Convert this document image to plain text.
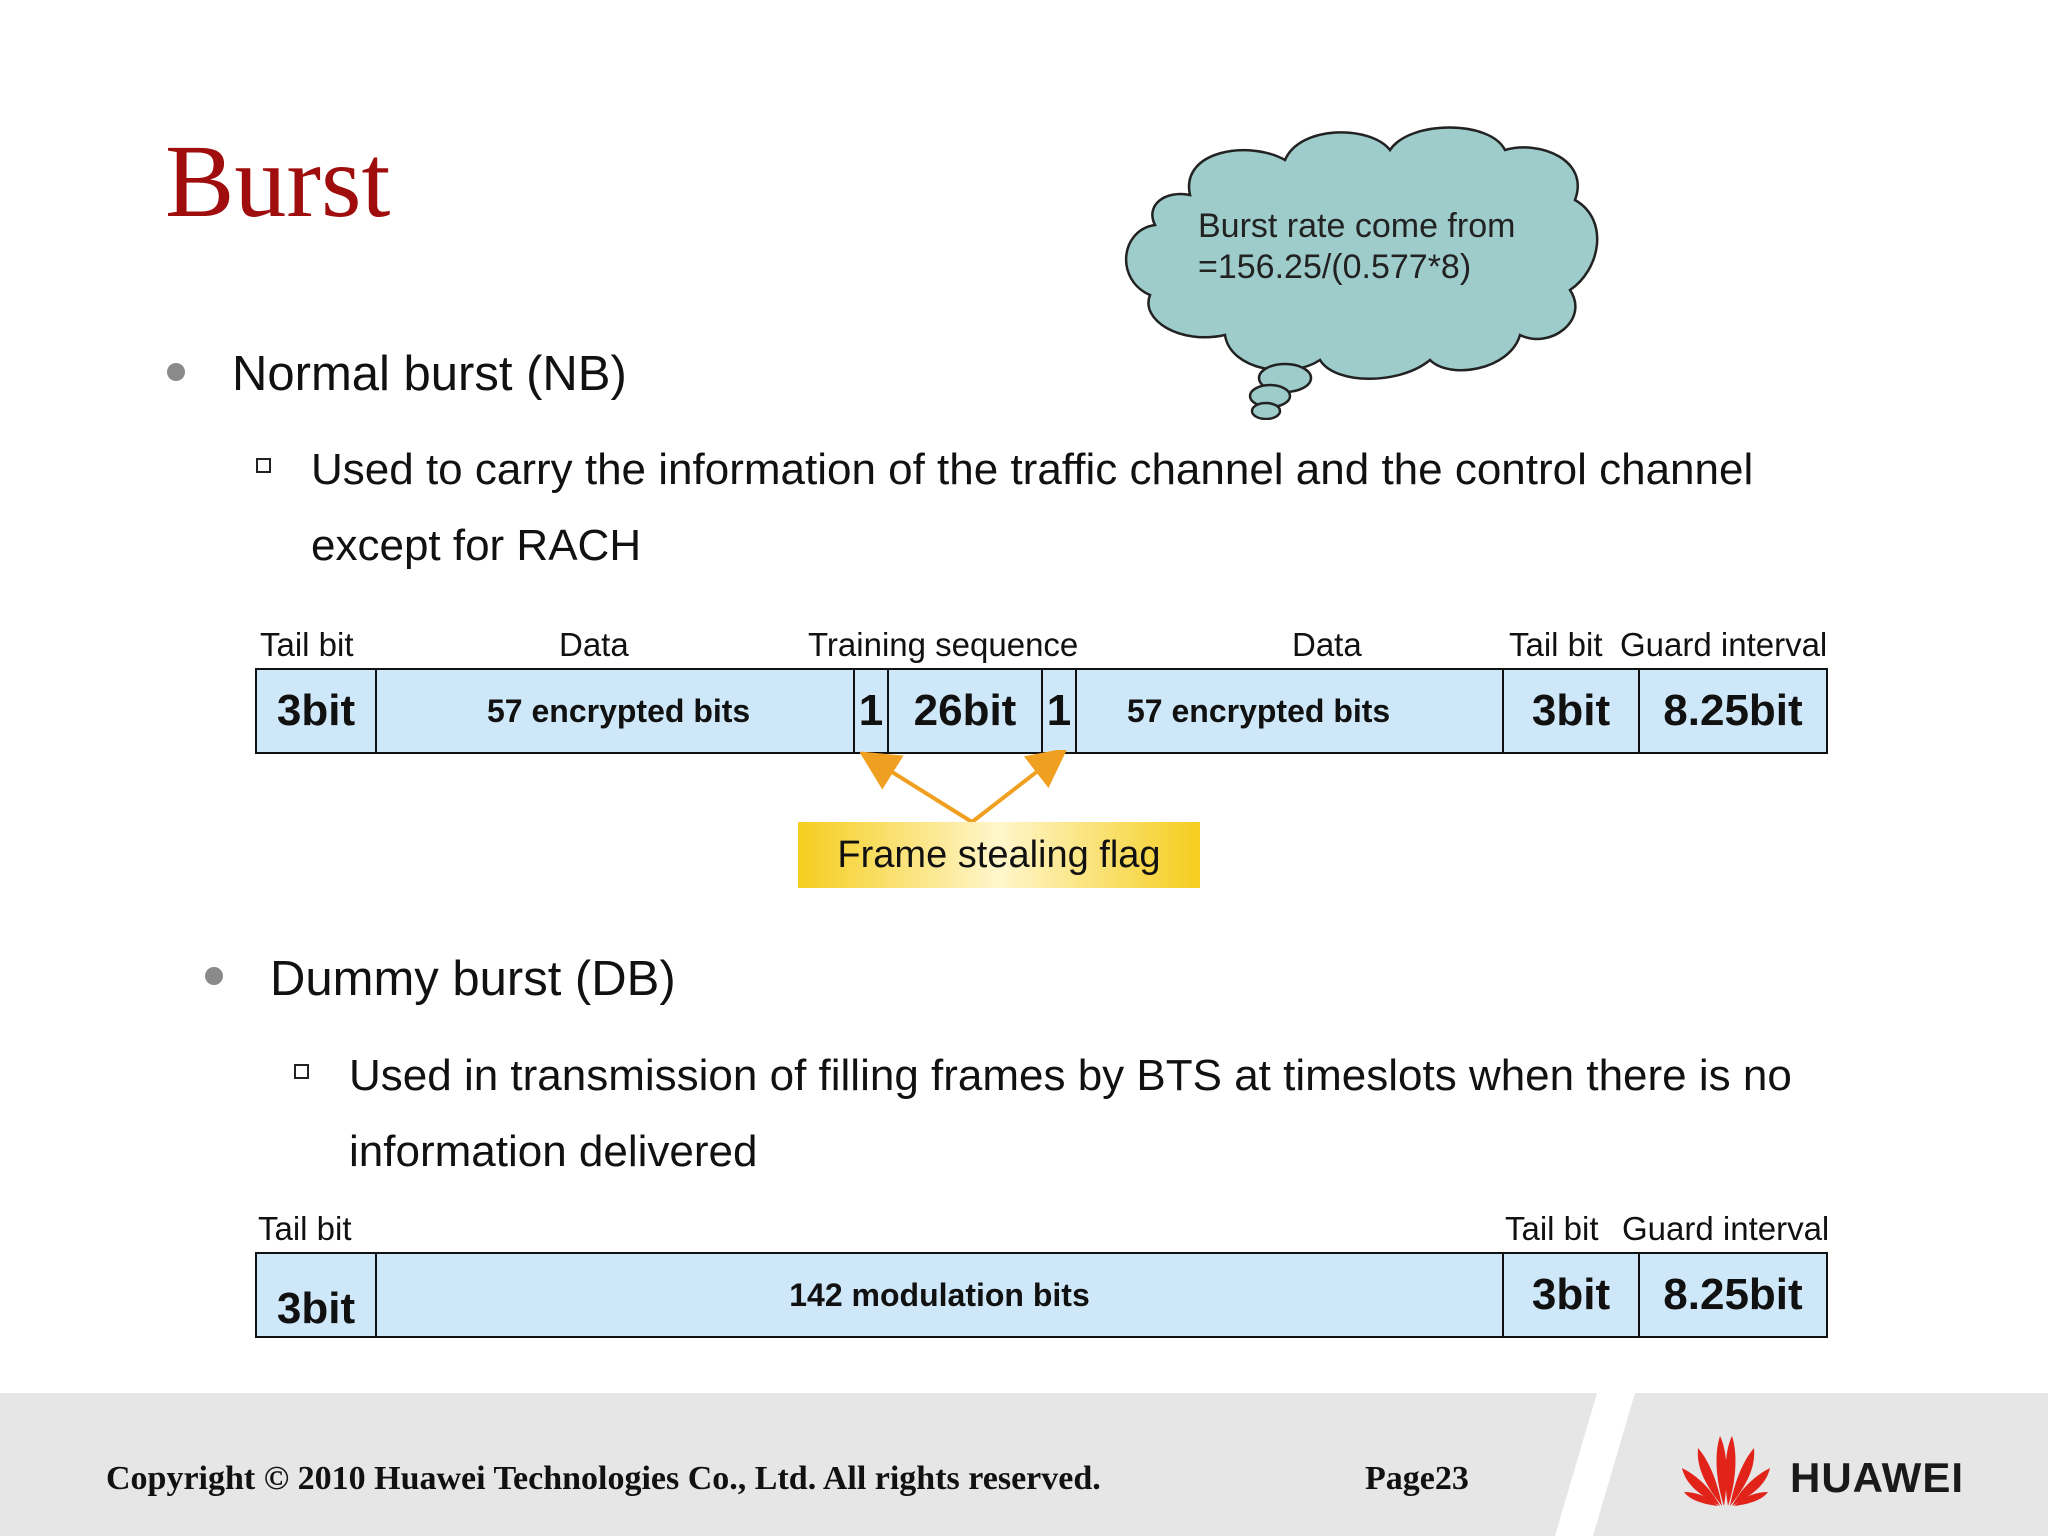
Burst	Burst rate come from
=156.25/(0.577*8)
Normal burst (NB)
Used to carry the information of the traffic channel and the control channel
except for RACH
Tail bit	Data	Training sequence	Data	Tail bit Guard interval
3bit	57 encrypted bits	1 26bit 1	57 encrypted bits	3bit	8.25bit
Frame stealing flag
Dummy burst (DB)
Used in transmission of filling frames by BTS at timeslots when there is no
information delivered
Tail bit	Tail bit Guard interval
3bit	142 modulation bits	3bit	8.25bit
Copyright © 2010 Huawei Technologies Co., Ltd. All rights reserved.	Page23	HUAWEI
